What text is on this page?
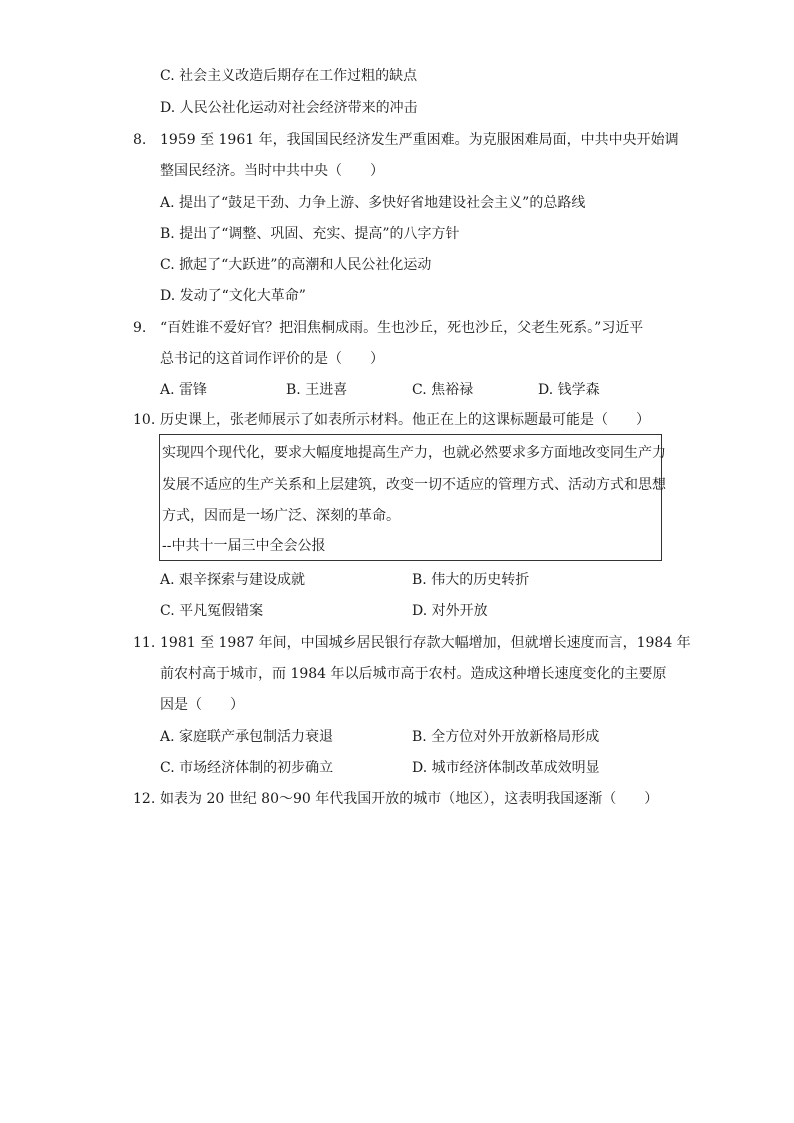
C. 社会主义改造后期存在工作过粗的缺点
D. 人民公社化运动对社会经济带来的冲击
8. 1959 至 1961 年，我国国民经济发生严重困难。为克服困难局面，中共中央开始调
整国民经济。当时中共中央（　　）
A. 提出了“鼓足干劲、力争上游、多快好省地建设社会主义”的总路线
B. 提出了“调整、巩固、充实、提高”的八字方针
C. 掀起了“大跃进”的高潮和人民公社化运动
D. 发动了“文化大革命”
9. “百姓谁不爱好官？把泪焦桐成雨。生也沙丘，死也沙丘，父老生死系。”习近平
总书记的这首词作评价的是（　　）
A. 雷锋	B. 王进喜	C. 焦裕禄	D. 钱学森
10. 历史课上，张老师展示了如表所示材料。他正在上的这课标题最可能是（　　）
实现四个现代化，要求大幅度地提高生产力，也就必然要求多方面地改变同生产力
发展不适应的生产关系和上层建筑，改变一切不适应的管理方式、活动方式和思想
方式，因而是一场广泛、深刻的革命。
--中共十一届三中全会公报
A. 艰辛探索与建设成就	B. 伟大的历史转折
C. 平凡冤假错案	D. 对外开放
11. 1981 至 1987 年间，中国城乡居民银行存款大幅增加，但就增长速度而言，1984 年
前农村高于城市，而 1984 年以后城市高于农村。造成这种增长速度变化的主要原
因是（　　）
A. 家庭联产承包制活力衰退	B. 全方位对外开放新格局形成
C. 市场经济体制的初步确立	D. 城市经济体制改革成效明显
12. 如表为 20 世纪 80～90 年代我国开放的城市（地区），这表明我国逐渐（　　）
